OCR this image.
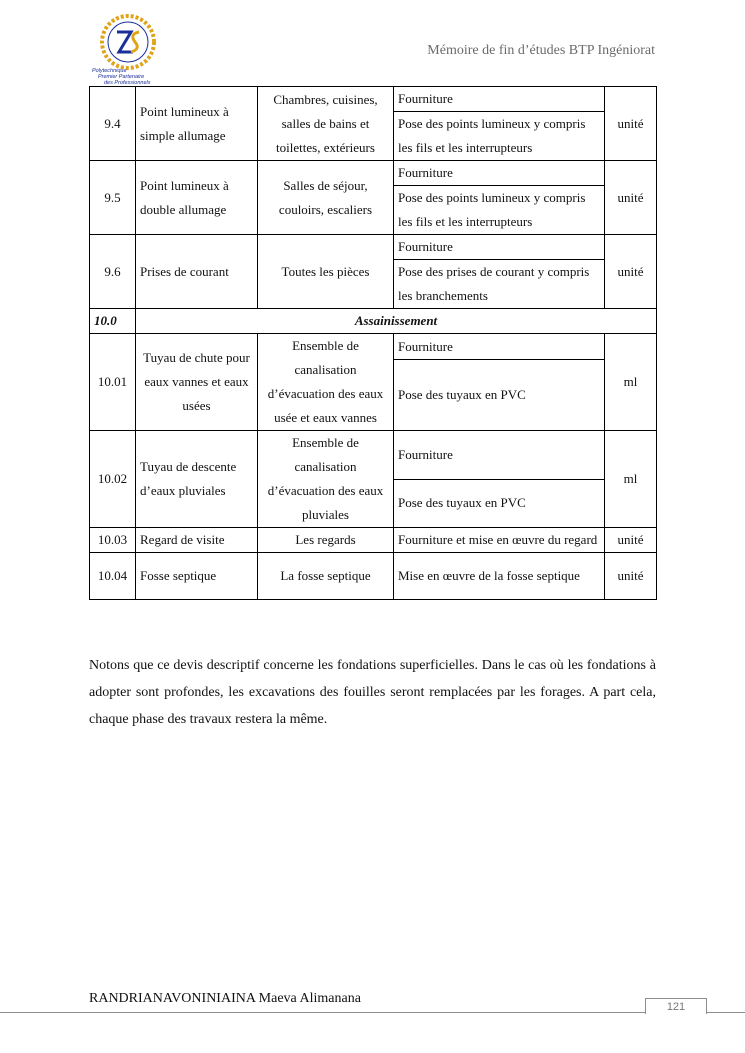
Polytechnique
Premier Partenaire
des Professionnels
Mémoire de fin d’études BTP Ingéniorat
9.4	Point lumineux à simple allumage	Chambres, cuisines, salles de bains et toilettes, extérieurs	Fourniture	unité
			Pose des points lumineux y compris les fils et les interrupteurs	
9.5	Point lumineux à double allumage	Salles de séjour, couloirs, escaliers	Fourniture	unité
			Pose des points lumineux y compris les fils et les interrupteurs	
9.6	Prises de courant	Toutes les pièces	Fourniture	unité
			Pose des prises de courant y compris les branchements	
10.0	Assainissement			
10.01	Tuyau de chute pour eaux vannes et eaux usées	Ensemble de canalisation d’évacuation des eaux usée et eaux vannes	Fourniture	ml
			Pose des tuyaux en PVC	
10.02	Tuyau de descente d’eaux pluviales	Ensemble de canalisation d’évacuation des eaux pluviales	Fourniture	ml
			Pose des tuyaux en PVC	
10.03	Regard de visite	Les regards	Fourniture et mise en œuvre du regard	unité
10.04	Fosse septique	La fosse septique	Mise en œuvre de la fosse septique	unité
Notons que ce devis descriptif concerne les fondations superficielles. Dans le cas où les fondations à adopter sont profondes, les excavations des fouilles seront remplacées par les forages. A part cela, chaque phase des travaux restera la même.
RANDRIANAVONINIAINA Maeva Alimanana
121
